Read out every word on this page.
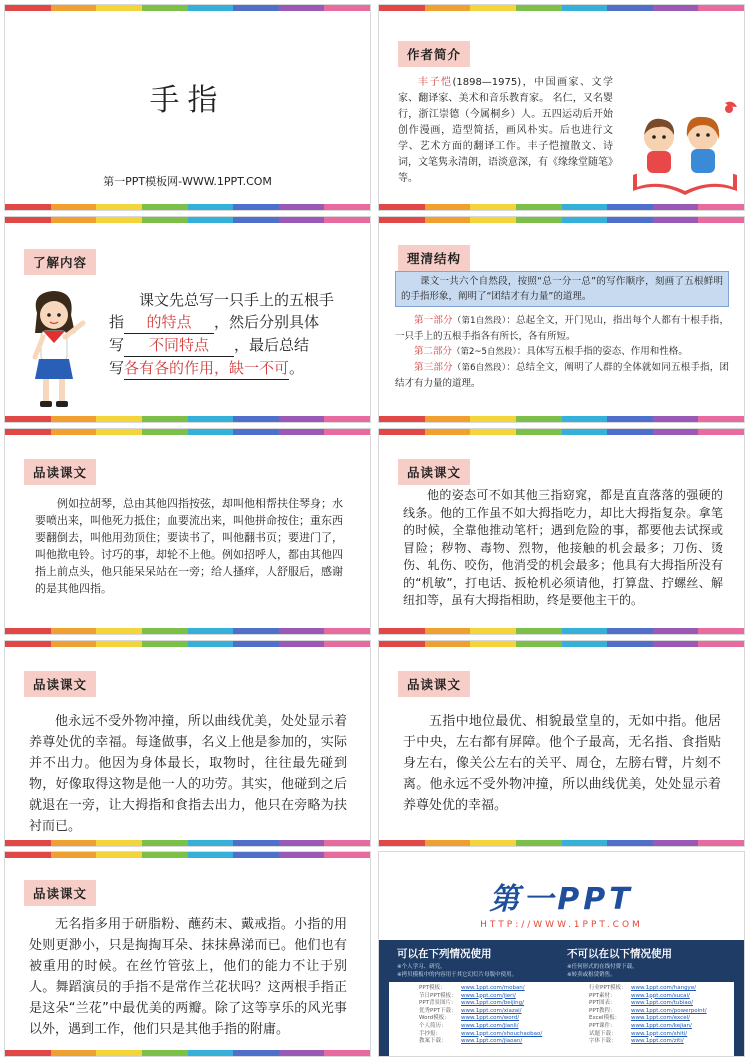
手指
第一PPT模板网-WWW.1PPT.COM
作者简介
丰子恺(1898—1975)，中国画家、文学家、翻译家、美术和音乐教育家。 名仁，又名婴行，浙江崇德（今属桐乡）人。五四运动后开始创作漫画，造型简括，画风朴实。后也进行文学、艺术方面的翻译工作。丰子恺擅散文、诗词，文笔隽永清朗，语淡意深，有《缘缘堂随笔》等。
了解内容
课文先总写一只手上的五根手
指 的特点 ，然后分别具体
写 不同特点 ，最后总结
写各有各的作用，缺一不可。
理清结构
课文一共六个自然段，按照“总一分一总”的写作顺序，刻画了五根鲜明的手指形象，阐明了“团结才有力量”的道理。
第一部分（第1自然段）：总起全文，开门见山，指出每个人都有十根手指，一只手上的五根手指各有所长，各有所短。
第二部分（第2~5自然段）：具体写五根手指的姿态、作用和性格。
第三部分（第6自然段）：总结全文，阐明了人群的全体就如同五根手指，团结才有力量的道理。
品读课文
例如拉胡琴，总由其他四指按弦，却叫他相帮扶住琴身；水要喷出来，叫他死力抵住；血要流出来，叫他拼命按住；重东西要翻倒去，叫他用劲顶住；要读书了，叫他翻书页；要进门了，叫他揿电铃。讨巧的事，却轮不上他。例如招呼人，都由其他四指上前点头，他只能呆呆站在一旁；给人搔痒，人舒服后，感谢的是其他四指。
品读课文
他的姿态可不如其他三指窈窕，都是直直落落的强硬的线条。他的工作虽不如大拇指吃力，却比大拇指复杂。拿笔的时候，全靠他推动笔杆；遇到危险的事，都要他去试探或冒险；秽物、毒物、烈物，他接触的机会最多；刀伤、烫伤、轧伤、咬伤，他消受的机会最多；他具有大拇指所没有的“机敏”，打电话、扳枪机必须请他，打算盘、拧螺丝、解纽扣等，虽有大拇指相助，终是要他主干的。
品读课文
他永远不受外物冲撞，所以曲线优美，处处显示着养尊处优的幸福。每逢做事，名义上他是参加的，实际并不出力。他因为身体最长，取物时，往往最先碰到物，好像取得这物是他一人的功劳。其实，他碰到之后就退在一旁，让大拇指和食指去出力，他只在旁略为扶衬而已。
品读课文
五指中地位最优、相貌最堂皇的，无如中指。他居于中央，左右都有屏障。他个子最高，无名指、食指贴身左右，像关公左右的关平、周仓，左膀右臂，片刻不离。他永远不受外物冲撞，所以曲线优美，处处显示着养尊处优的幸福。
品读课文
无名指多用于研脂粉、蘸药末、戴戒指。小指的用处则更渺小，只是掏掏耳朵、抹抹鼻涕而已。他们也有被重用的时候。在丝竹管弦上，他们的能力不让于别人。舞蹈演员的手指不是常作兰花状吗？这两根手指正是这朵“兰花”中最优美的两瓣。除了这等享乐的风光事以外，遇到工作，他们只是其他手指的附庸。
第一PPT
HTTP://WWW.1PPT.COM
可以在下列情况使用
※个人学习、研究。
※拷贝模板中的内容用于其它幻灯片母版中使用。
不可以在以下情况使用
※任何形式的在线付费下载。
※转卖或租赁销售。
PPT模板：	www.1ppt.com/moban/
节日PPT模板： www.1ppt.com/jieri/
PPT背景图片： www.1ppt.com/beijing/
优秀PPT下载： www.1ppt.com/xiazai/
Word模板： www.1ppt.com/word/
个人简历：	www.1ppt.com/jianli/
手抄报：	www.1ppt.com/shouchaobao/
教案下载：	www.1ppt.com/jiaoan/
行业PPT模板： www.1ppt.com/hangye/
PPT素材：	www.1ppt.com/sucai/
PPT图表：	www.1ppt.com/tubiao/
PPT教程：	www.1ppt.com/powerpoint/
Excel模板： www.1ppt.com/excel/
PPT课件：	www.1ppt.com/kejian/
试题下载：	www.1ppt.com/shiti/
字体下载：	www.1ppt.com/ziti/
